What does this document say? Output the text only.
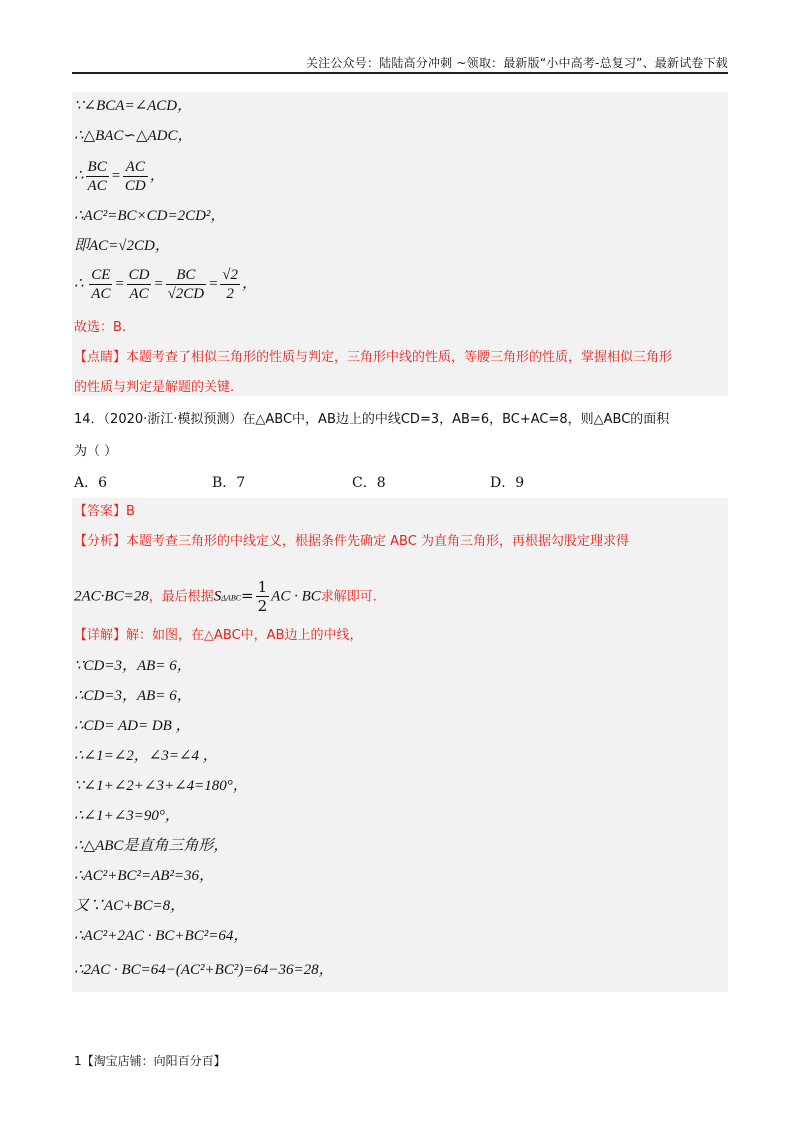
关注公众号：陆陆高分冲刺 ~领取：最新版“小中高考-总复习”、最新试卷下载
∵∠BCA=∠ACD，
∴△BAC∽△ADC，
∴ $\frac{BC}{AC} = \frac{AC}{CD}$ ，
∴AC²=BC×CD=2CD²，
即AC=√2CD，
∴ $\frac{CE}{AC} = \frac{CD}{AC} = \frac{BC}{√2CD} = \frac{√2}{2}$ ，
故选：B.
【点睛】本题考查了相似三角形的性质与判定，三角形中线的性质，等腰三角形的性质，掌握相似三角形
的性质与判定是解题的关键.
14．（2020·浙江·模拟预测）在△ABC中，AB边上的中线CD=3，AB=6，BC+AC=8，则△ABC的面积
为（ ）
A．6	B．7	C．8	D．9
【答案】B
【分析】本题考查三角形的中线定义，根据条件先确定 ABC 为直角三角形，再根据勾股定理求得
2AC·BC=28，最后根据$S\Delta ABC= \frac{1}{2}$ AC · BC求解即可.
【详解】解：如图，在△ABC中，AB边上的中线，
∵CD=3，AB= 6，
∴CD=3，AB= 6，
∴CD= AD= DB ，
∴∠1=∠2，∠3=∠4 ，
∵∠1+∠2+∠3+∠4=180°，
∴∠1+∠3=90°，
∴△ABC是直角三角形，
∴AC²+BC²=AB²=36，
又∵AC+BC=8，
∴AC²+2AC · BC+BC²=64，
∴2AC · BC=64−(AC²+BC²)=64−36=28，
1【淘宝店铺：向阳百分百】
